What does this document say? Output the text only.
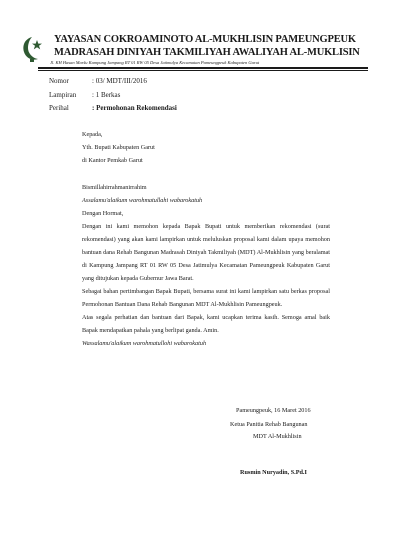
YAYASAN COKROAMINOTO AL-MUKHLISIN PAMEUNGPEUK
MADRASAH DINIYAH TAKMILIYAH AWALIYAH AL-MUKLISIN
Jl. KH Hasan Maršu Kampung Jampang RT 01 RW 05 Desa Jatimulya Kecamatan Pameungpeuk Kabupaten Garut
Nomor	: 03/ MDT/III/2016
Lampiran : 1 Berkas
Perihal	: Permohonan Rekomendasi
Kepada,
Yth. Bupati Kabupaten Garut
di Kantor Pemkab Garut
Bismillahirrahmanirrahim
Assalamu'alaikum warohmatullahi wabarokatuh
Dengan Hormat,

Dengan ini kami memohon kepada Bapak Bupati untuk memberikan rekomendasi (surat rekomendasi) yang akan kami lampirkan untuk meluluskan proposal kami dalam upaya memohon bantuan dana Rehab Bangunan Madrasah Diniyah Takmiliyah (MDT) Al-Mukhlisin yang beralamat di Kampung Jampang RT 01 RW 05 Desa Jatimulya Kecamatan Pameungpeuk Kabupaten Garut yang ditujukan kepada Gubernur Jawa Barat.

Sebagai bahan pertimbangan Bapak Bupati, bersama surat ini kami lampirkan satu berkas proposal Permohonan Bantuan Dana Rehab Bangunan MDT Al-Mukhlisin Pameungpeuk.

Atas segala perhatian dan bantuan dari Bapak, kami ucapkan terima kasih. Semoga amal baik Bapak mendapatkan pahala yang berlipat ganda. Amin.

Wassalamu'alaikum warohmatullohi wabarokatuh

Pameungpeuk, 16 Maret 2016
Ketua Panitia Rehab Bangunan
MDT Al-Mukhlisin
Rusmin Nuryadin, S.Pd.I
